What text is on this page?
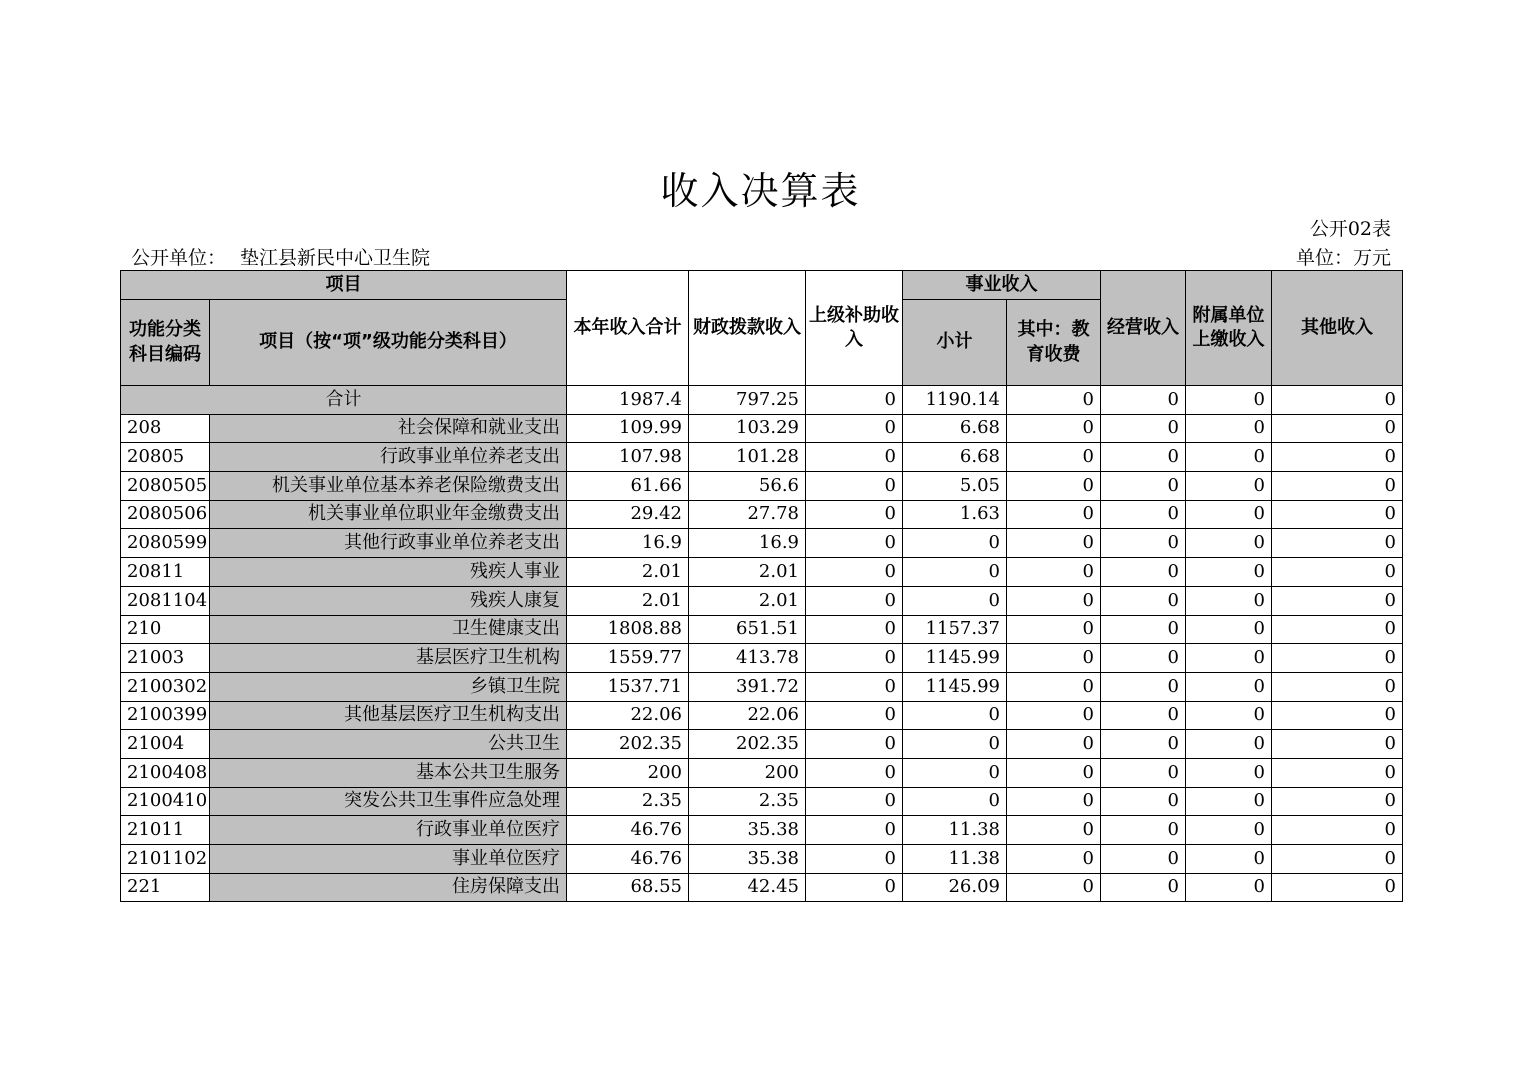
收入决算表
公开02表
公开单位： 垫江县新民中心卫生院	单位：万元
项目		本年收入合计	财政拨款收入	上级补助收入	事业收入		经营收入	附属单位上缴收入	其他收入
功能分类科目编码	项目（按“项”级功能分类科目）				小计	其中：教育收费			
合计		1987.4	797.25	0	1190.14	0	0	0	0
208	社会保障和就业支出	109.99	103.29	0	6.68	0	0	0	0
20805	行政事业单位养老支出	107.98	101.28	0	6.68	0	0	0	0
2080505	机关事业单位基本养老保险缴费支出	61.66	56.6	0	5.05	0	0	0	0
2080506	机关事业单位职业年金缴费支出	29.42	27.78	0	1.63	0	0	0	0
2080599	其他行政事业单位养老支出	16.9	16.9	0	0	0	0	0	0
20811	残疾人事业	2.01	2.01	0	0	0	0	0	0
2081104	残疾人康复	2.01	2.01	0	0	0	0	0	0
210	卫生健康支出	1808.88	651.51	0	1157.37	0	0	0	0
21003	基层医疗卫生机构	1559.77	413.78	0	1145.99	0	0	0	0
2100302	乡镇卫生院	1537.71	391.72	0	1145.99	0	0	0	0
2100399	其他基层医疗卫生机构支出	22.06	22.06	0	0	0	0	0	0
21004	公共卫生	202.35	202.35	0	0	0	0	0	0
2100408	基本公共卫生服务	200	200	0	0	0	0	0	0
2100410	突发公共卫生事件应急处理	2.35	2.35	0	0	0	0	0	0
21011	行政事业单位医疗	46.76	35.38	0	11.38	0	0	0	0
2101102	事业单位医疗	46.76	35.38	0	11.38	0	0	0	0
221	住房保障支出	68.55	42.45	0	26.09	0	0	0	0
